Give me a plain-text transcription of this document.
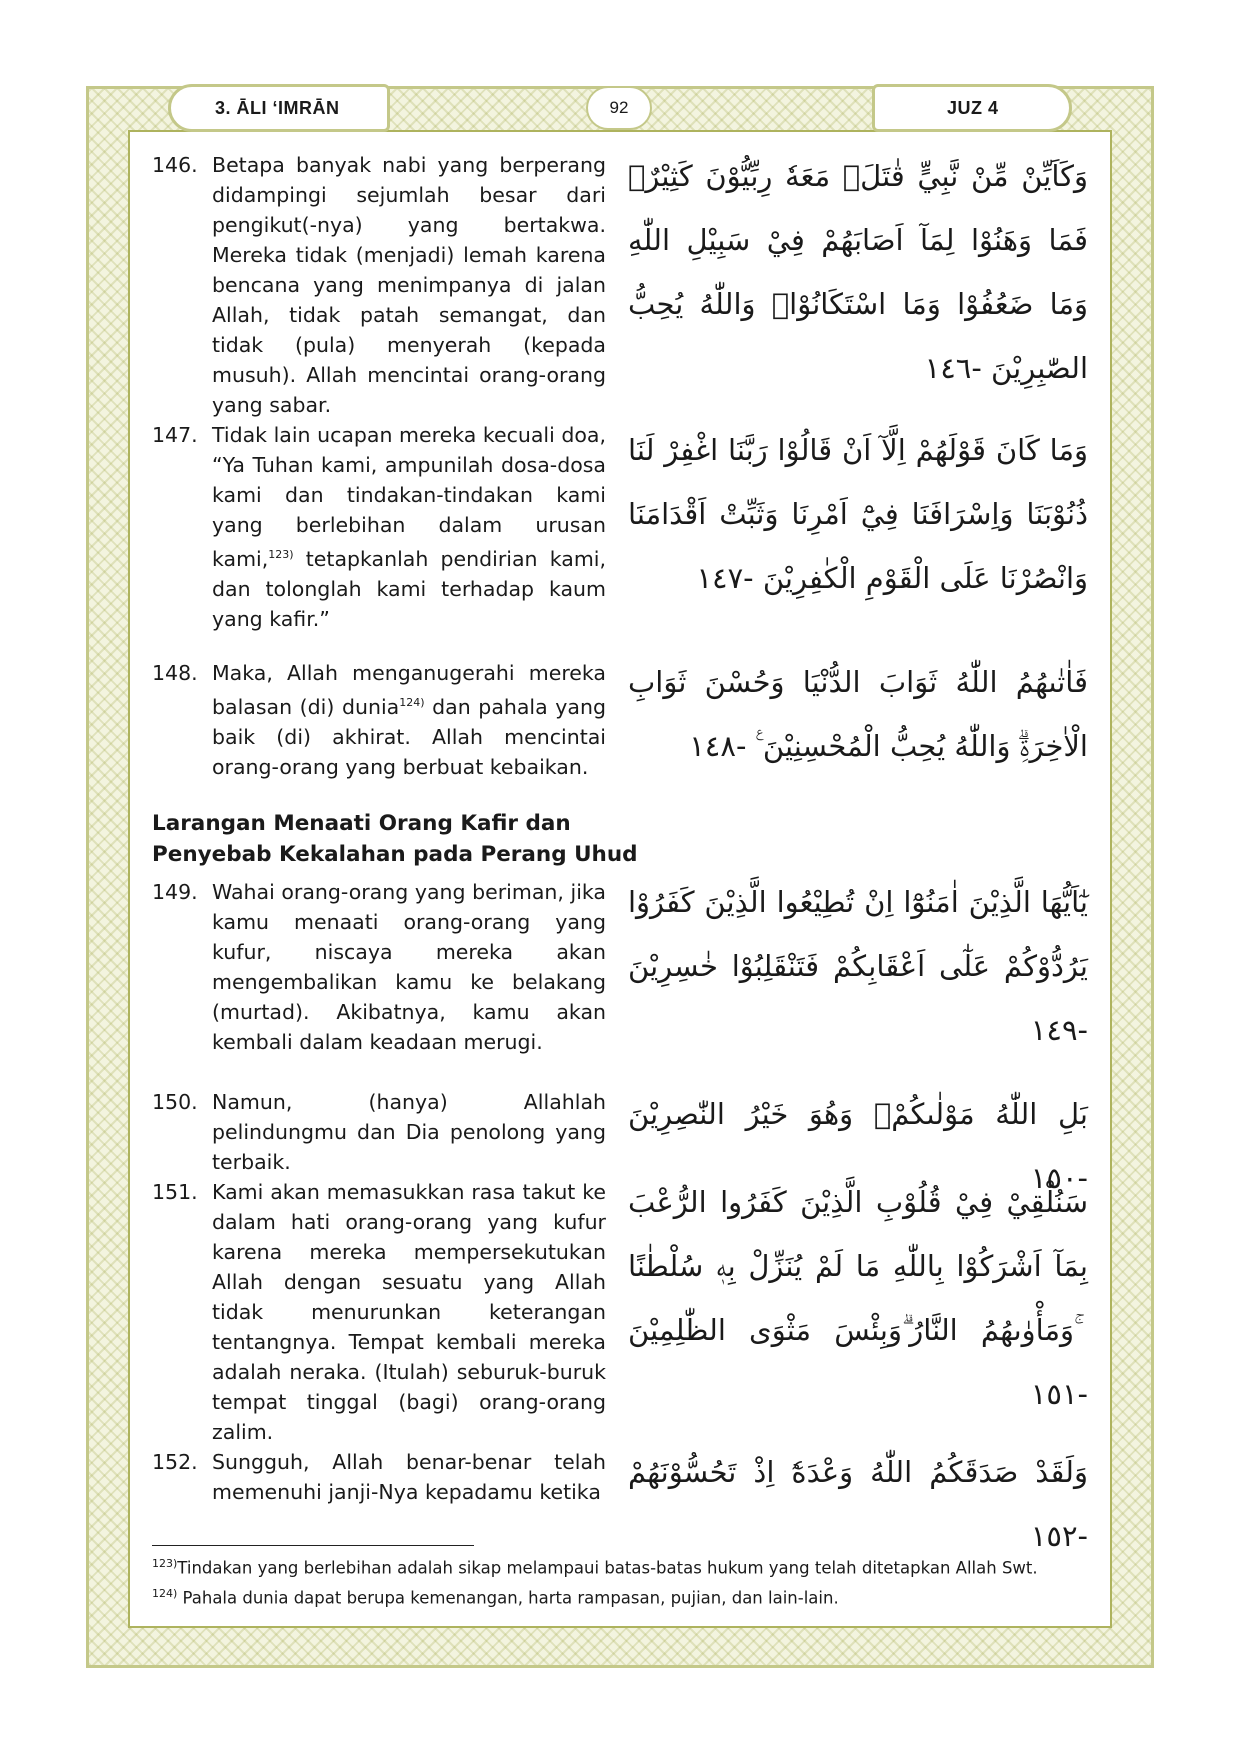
3. ĀLI ‘IMRĀN	92	JUZ 4
146. Betapa banyak nabi yang berperang didampingi sejumlah besar dari pengikut(-nya) yang bertakwa. Mereka tidak (menjadi) lemah karena bencana yang menimpanya di jalan Allah, tidak patah semangat, dan tidak (pula) menyerah (kepada musuh). Allah mencintai orang-orang yang sabar.
وَكَاَيِّنْ مِّنْ نَّبِيٍّ قٰتَلَۙ مَعَهٗ رِبِّيُّوْنَ كَثِيْرٌۚ فَمَا وَهَنُوْا لِمَآ اَصَابَهُمْ فِيْ سَبِيْلِ اللّٰهِ وَمَا ضَعُفُوْا وَمَا اسْتَكَانُوْاۗ وَاللّٰهُ يُحِبُّ الصّٰبِرِيْنَ -١٤٦
147. Tidak lain ucapan mereka kecuali doa, “Ya Tuhan kami, ampunilah dosa-dosa kami dan tindakan-tindakan kami yang berlebihan dalam urusan kami,$^{123)}$ tetapkanlah pendirian kami, dan tolonglah kami terhadap kaum yang kafir.”
وَمَا كَانَ قَوْلَهُمْ اِلَّآ اَنْ قَالُوْا رَبَّنَا اغْفِرْ لَنَا ذُنُوْبَنَا وَاِسْرَافَنَا فِيْٓ اَمْرِنَا وَثَبِّتْ اَقْدَامَنَا وَانْصُرْنَا عَلَى الْقَوْمِ الْكٰفِرِيْنَ -١٤٧
148. Maka, Allah menganugerahi mereka balasan (di) dunia$^{124)}$ dan pahala yang baik (di) akhirat. Allah mencintai orang-orang yang berbuat kebaikan.
فَاٰتٰىهُمُ اللّٰهُ ثَوَابَ الدُّنْيَا وَحُسْنَ ثَوَابِ الْاٰخِرَةِۗ وَاللّٰهُ يُحِبُّ الْمُحْسِنِيْنَ ࣖ -١٤٨
Larangan Menaati Orang Kafir dan Penyebab Kekalahan pada Perang Uhud
149. Wahai orang-orang yang beriman, jika kamu menaati orang-orang yang kufur, niscaya mereka akan mengembalikan kamu ke belakang (murtad). Akibatnya, kamu akan kembali dalam keadaan merugi.
يٰٓاَيُّهَا الَّذِيْنَ اٰمَنُوْٓا اِنْ تُطِيْعُوا الَّذِيْنَ كَفَرُوْا يَرُدُّوْكُمْ عَلٰٓى اَعْقَابِكُمْ فَتَنْقَلِبُوْا خٰسِرِيْنَ -١٤٩
150. Namun, (hanya) Allahlah pelindungmu dan Dia penolong yang terbaik.
بَلِ اللّٰهُ مَوْلٰىكُمْۚ وَهُوَ خَيْرُ النّٰصِرِيْنَ -١٥٠
151. Kami akan memasukkan rasa takut ke dalam hati orang-orang yang kufur karena mereka mempersekutukan Allah dengan sesuatu yang Allah tidak menurunkan keterangan tentangnya. Tempat kembali mereka adalah neraka. (Itulah) seburuk-buruk tempat tinggal (bagi) orang-orang zalim.
سَنُلْقِيْ فِيْ قُلُوْبِ الَّذِيْنَ كَفَرُوا الرُّعْبَ بِمَآ اَشْرَكُوْا بِاللّٰهِ مَا لَمْ يُنَزِّلْ بِهٖ سُلْطٰنًا ۚوَمَأْوٰىهُمُ النَّارُ ۗوَبِئْسَ مَثْوَى الظّٰلِمِيْنَ -١٥١
152. Sungguh, Allah benar-benar telah memenuhi janji-Nya kepadamu ketika
وَلَقَدْ صَدَقَكُمُ اللّٰهُ وَعْدَهٗٓ اِذْ تَحُسُّوْنَهُمْ -١٥٢
$^{123)}$Tindakan yang berlebihan adalah sikap melampaui batas-batas hukum yang telah ditetapkan Allah Swt.
$^{124)}$ Pahala dunia dapat berupa kemenangan, harta rampasan, pujian, dan lain-lain.
